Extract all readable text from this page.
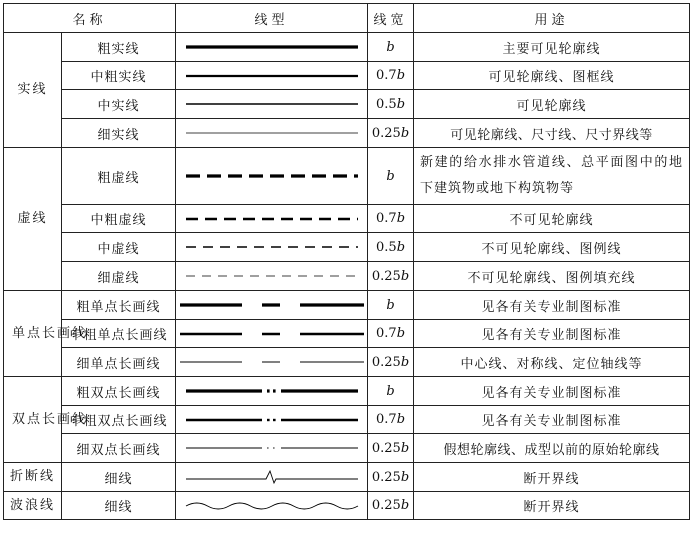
名称		线型	线宽	用途
实线	粗实线		b	主要可见轮廓线
	中粗实线		0.7b	可见轮廓线、图框线
	中实线		0.5b	可见轮廓线
	细实线		0.25b	可见轮廓线、尺寸线、尺寸界线等
虚线	粗虚线		b	新建的给水排水管道线、总平面图中的地下建筑物或地下构筑物等
	中粗虚线		0.7b	不可见轮廓线
	中虚线		0.5b	不可见轮廓线、图例线
	细虚线		0.25b	不可见轮廓线、图例填充线
单点长画线	粗单点长画线		b	见各有关专业制图标准
	中粗单点长画线		0.7b	见各有关专业制图标准
	细单点长画线		0.25b	中心线、对称线、定位轴线等
双点长画线	粗双点长画线		b	见各有关专业制图标准
	中粗双点长画线		0.7b	见各有关专业制图标准
	细双点长画线		0.25b	假想轮廓线、成型以前的原始轮廓线
折断线	细线		0.25b	断开界线
波浪线	细线		0.25b	断开界线
